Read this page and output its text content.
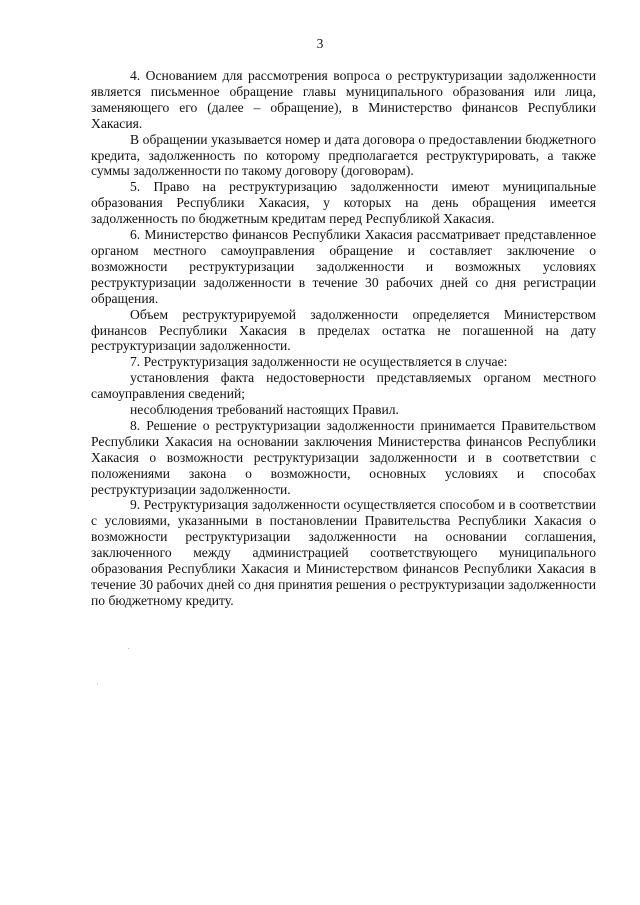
3

4. Основанием для рассмотрения вопроса о реструктуризации задолженности является письменное обращение главы муниципального образования или лица, заменяющего его (далее – обращение), в Министерство финансов Республики Хакасия.

В обращении указывается номер и дата договора о предоставлении бюджетного кредита, задолженность по которому предполагается реструктурировать, а также суммы задолженности по такому договору (договорам).

5. Право на реструктуризацию задолженности имеют муниципальные образования Республики Хакасия, у которых на день обращения имеется задолженность по бюджетным кредитам перед Республикой Хакасия.

6. Министерство финансов Республики Хакасия рассматривает представленное органом местного самоуправления обращение и составляет заключение о возможности реструктуризации задолженности и возможных условиях реструктуризации задолженности в течение 30 рабочих дней со дня регистрации обращения.

Объем реструктурируемой задолженности определяется Министерством финансов Республики Хакасия в пределах остатка не погашенной на дату реструктуризации задолженности.

7. Реструктуризация задолженности не осуществляется в случае:

установления факта недостоверности представляемых органом местного самоуправления сведений;

несоблюдения требований настоящих Правил.

8. Решение о реструктуризации задолженности принимается Правительством Республики Хакасия на основании заключения Министерства финансов Республики Хакасия о возможности реструктуризации задолженности и в соответствии с положениями закона о возможности, основных условиях и способах реструктуризации задолженности.

9. Реструктуризация задолженности осуществляется способом и в соответствии с условиями, указанными в постановлении Правительства Республики Хакасия о возможности реструктуризации задолженности на основании соглашения, заключенного между администрацией соответствующего муниципального образования Республики Хакасия и Министерством финансов Республики Хакасия в течение 30 рабочих дней со дня принятия решения о реструктуризации задолженности по бюджетному кредиту.
